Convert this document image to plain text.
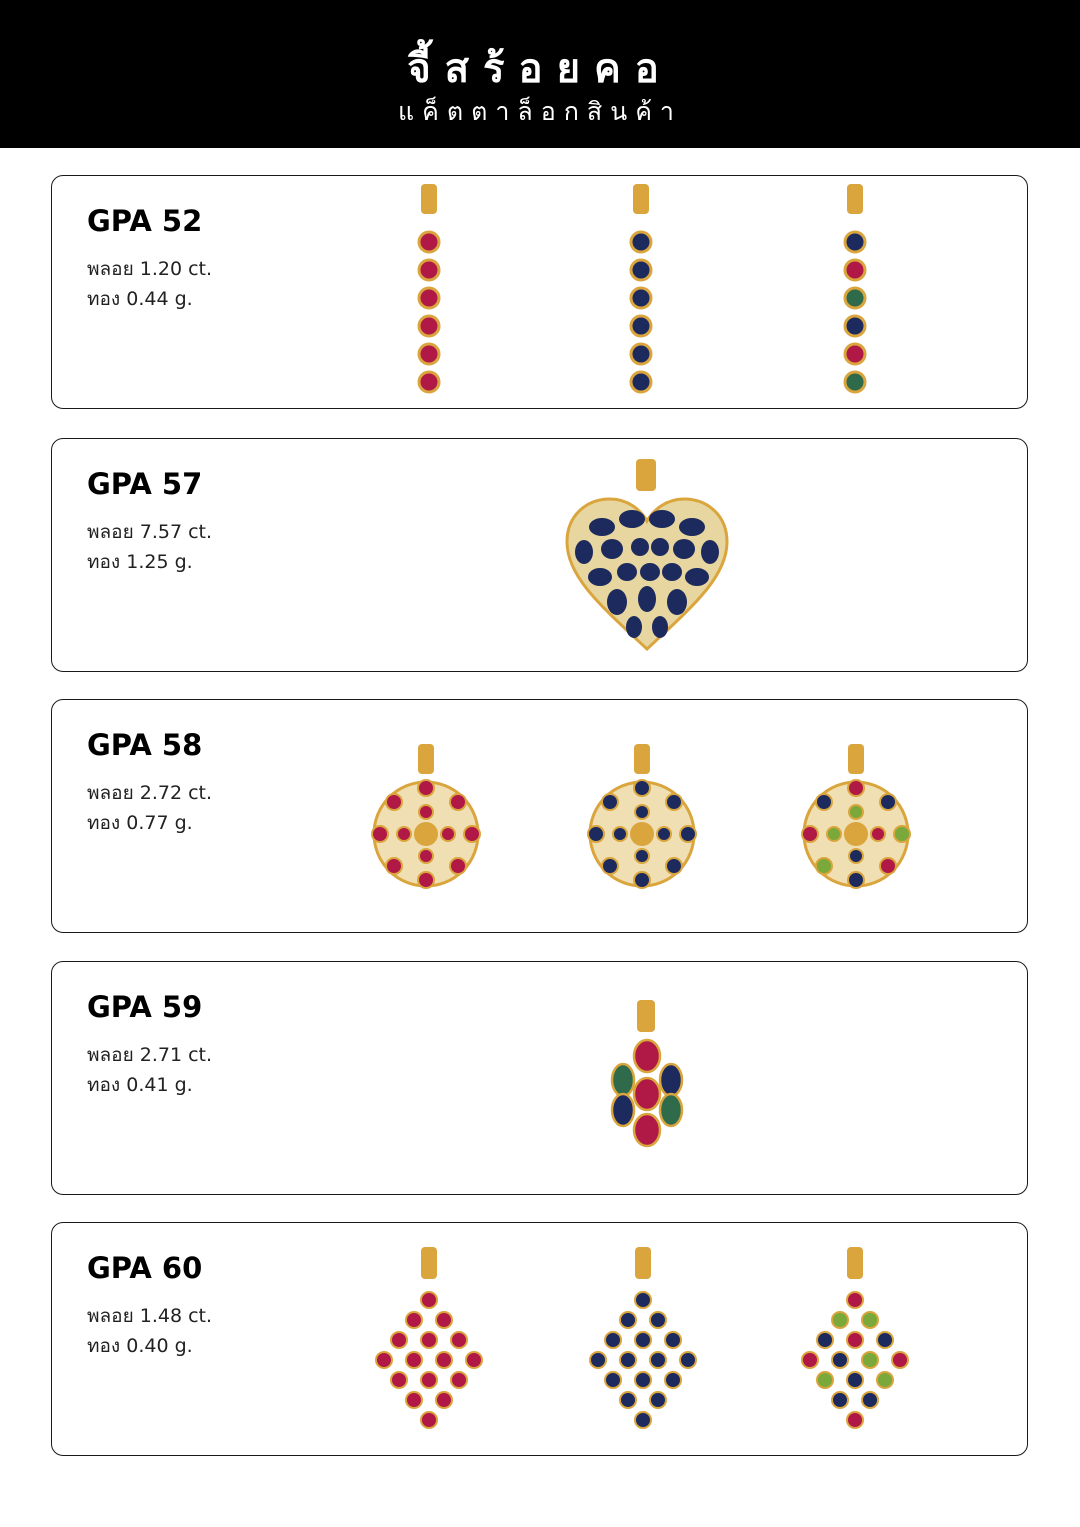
จี้สร้อยคอ
แค็ตตาล็อกสินค้า
GPA 52
พลอย 1.20 ct.
ทอง 0.44 g.
GPA 57
พลอย 7.57 ct.
ทอง 1.25 g.
GPA 58
พลอย 2.72 ct.
ทอง 0.77 g.
GPA 59
พลอย 2.71 ct.
ทอง 0.41 g.
GPA 60
พลอย 1.48 ct.
ทอง 0.40 g.
